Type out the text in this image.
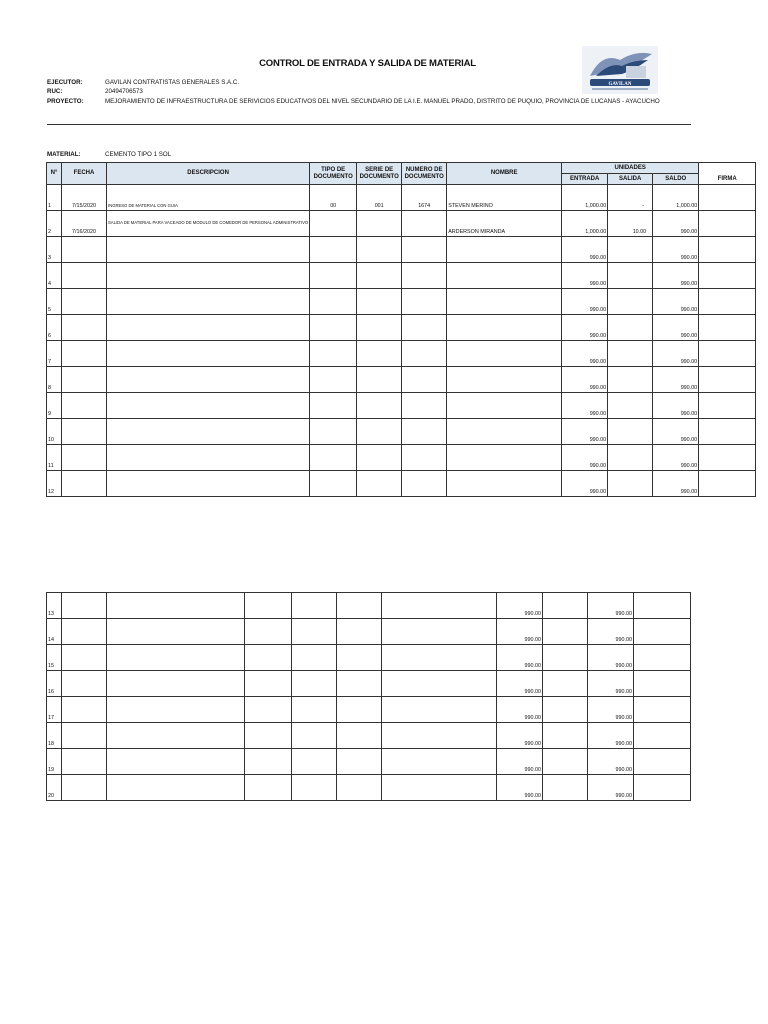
CONTROL DE ENTRADA Y SALIDA DE MATERIAL
GAVILAN
EJECUTOR:	GAVILAN CONTRATISTAS GENERALES S.A.C.
RUC:	20494706573
PROYECTO:	MEJORAMIENTO DE INFRAESTRUCTURA DE SERIVICIOS EDUCATIVOS DEL NIVEL SECUNDARIO DE LA I.E. MANUEL PRADO, DISTRITO DE PUQUIO, PROVINCIA DE LUCANAS - AYACUCHO
MATERIAL:	CEMENTO TIPO 1 SOL
N°	FECHA	DESCRIPCION	TIPO DE DOCUMENTO	SERIE DE DOCUMENTO	NUMERO DE DOCUMENTO	NOMBRE	UNIDADES			FIRMA
							ENTRADA	SALIDA	SALDO	
1	7/15/2020	INGRESO DE MATERIAL CON GUIA	00	001	1674	STEVEN MERINO	1,000.00	-	1,000.00	
2	7/16/2020	SALIDA DE MATERIAL PARA VACEADO DE MODULO DE COMEDOR DE PERSONAL ADMINISTRATIVO				ARDERSON MIRANDA	1,000.00	10.00	990.00	
3							990.00		990.00	
4							990.00		990.00	
5							990.00		990.00	
6							990.00		990.00	
7							990.00		990.00	
8							990.00		990.00	
9							990.00		990.00	
10							990.00		990.00	
11							990.00		990.00	
12							990.00		990.00	
13							990.00		990.00	
14							990.00		990.00	
15							990.00		990.00	
16							990.00		990.00	
17							990.00		990.00	
18							990.00		990.00	
19							990.00		990.00	
20							990.00		990.00	
